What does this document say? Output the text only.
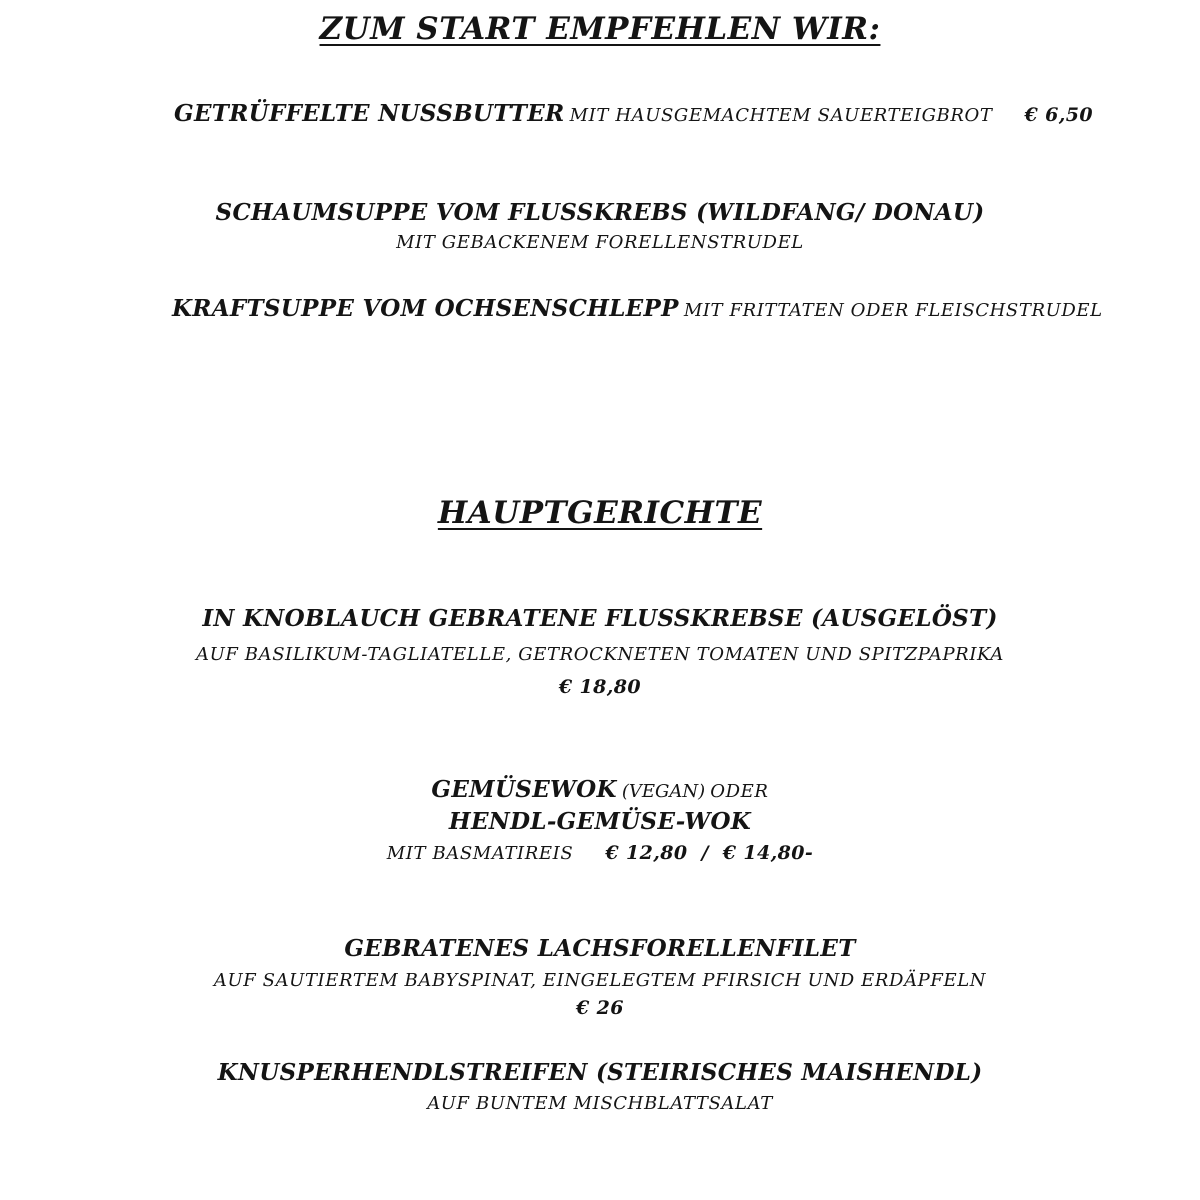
ZUM START EMPFEHLEN WIR:
GETRÜFFELTE NUSSBUTTER MIT HAUSGEMACHTEM SAUERTEIGBROT € 6,50
SCHAUMSUPPE VOM FLUSSKREBS (WILDFANG/ DONAU)
MIT GEBACKENEM FORELLENSTRUDEL
KRAFTSUPPE VOM OCHSENSCHLEPP MIT FRITTATEN ODER FLEISCHSTRUDEL
HAUPTGERICHTE
IN KNOBLAUCH GEBRATENE FLUSSKREBSE (AUSGELÖST)
AUF BASILIKUM-TAGLIATELLE, GETROCKNETEN TOMATEN UND SPITZPAPRIKA
€ 18,80
GEMÜSEWOK (VEGAN) ODER
HENDL-GEMÜSE-WOK
MIT BASMATIREIS € 12,80 / € 14,80-
GEBRATENES LACHSFORELLENFILET
AUF SAUTIERTEM BABYSPINAT, EINGELEGTEM PFIRSICH UND ERDÄPFELN
€ 26
KNUSPERHENDLSTREIFEN (STEIRISCHES MAISHENDL)
AUF BUNTEM MISCHBLATTSALAT
